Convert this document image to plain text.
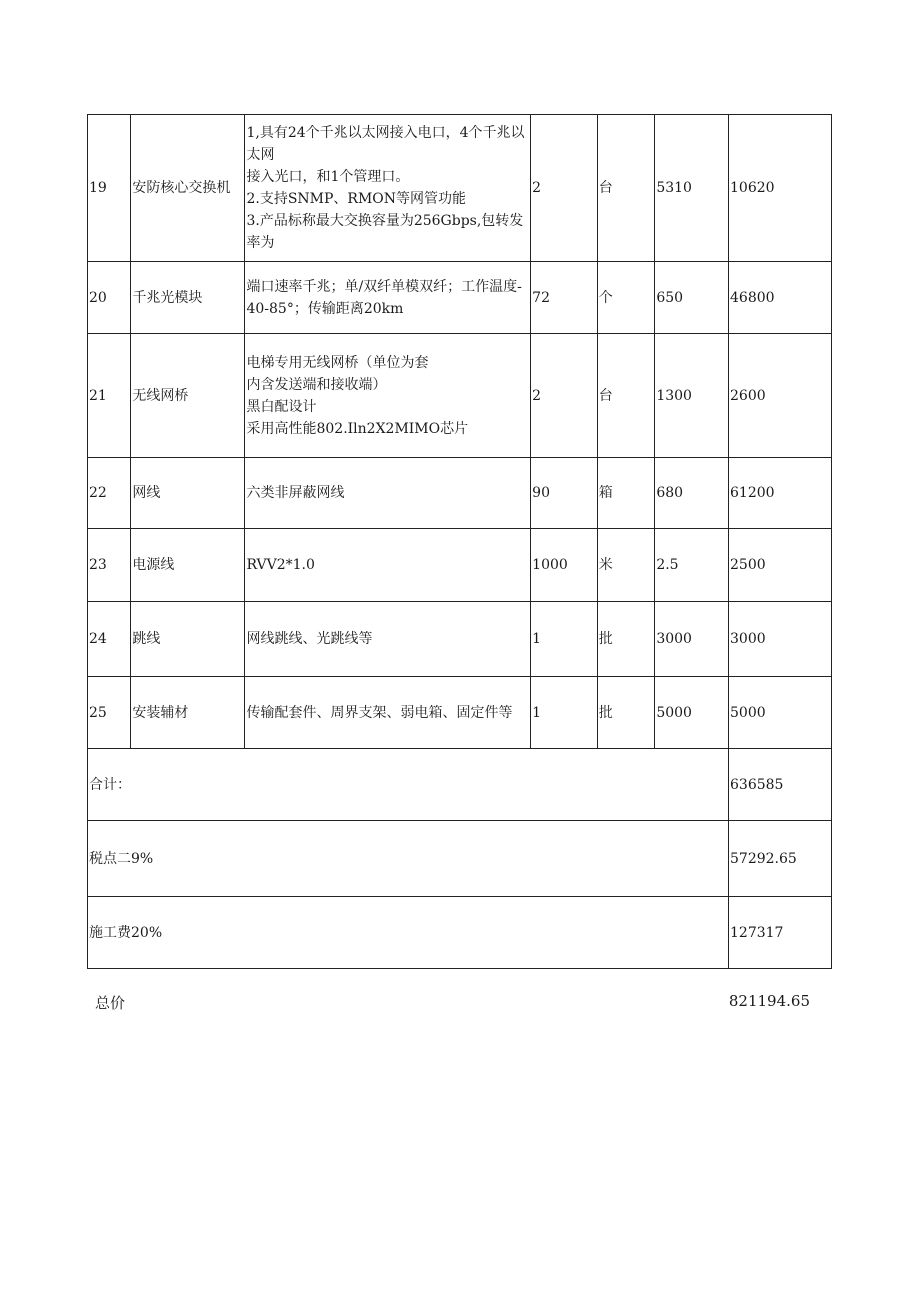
19	安防核心交换机	1,具有24个千兆以太网接入电口，4个千兆以太网
接入光口，和1个管理口。
2.支持SNMP、RMON等网管功能
3.产品标称最大交换容量为256Gbps,包转发率为	2	台	5310	10620
20	千兆光模块	端口速率千兆；单/双纤单模双纤；工作温度-40-85°；传输距离20km	72	个	650	46800
21	无线网桥	电梯专用无线网桥（单位为套
内含发送端和接收端）
黑白配设计
采用高性能802.Iln2X2MIMO芯片	2	台	1300	2600
22	网线	六类非屏蔽网线	90	箱	680	61200
23	电源线	RVV2*1.0	1000	米	2.5	2500
24	跳线	网线跳线、光跳线等	1	批	3000	3000
25	安装辅材	传输配套件、周界支架、弱电箱、固定件等	1	批	5000	5000
合计：						636585
税点二9%						57292.65
施工费20%						127317
总价	821194.65
